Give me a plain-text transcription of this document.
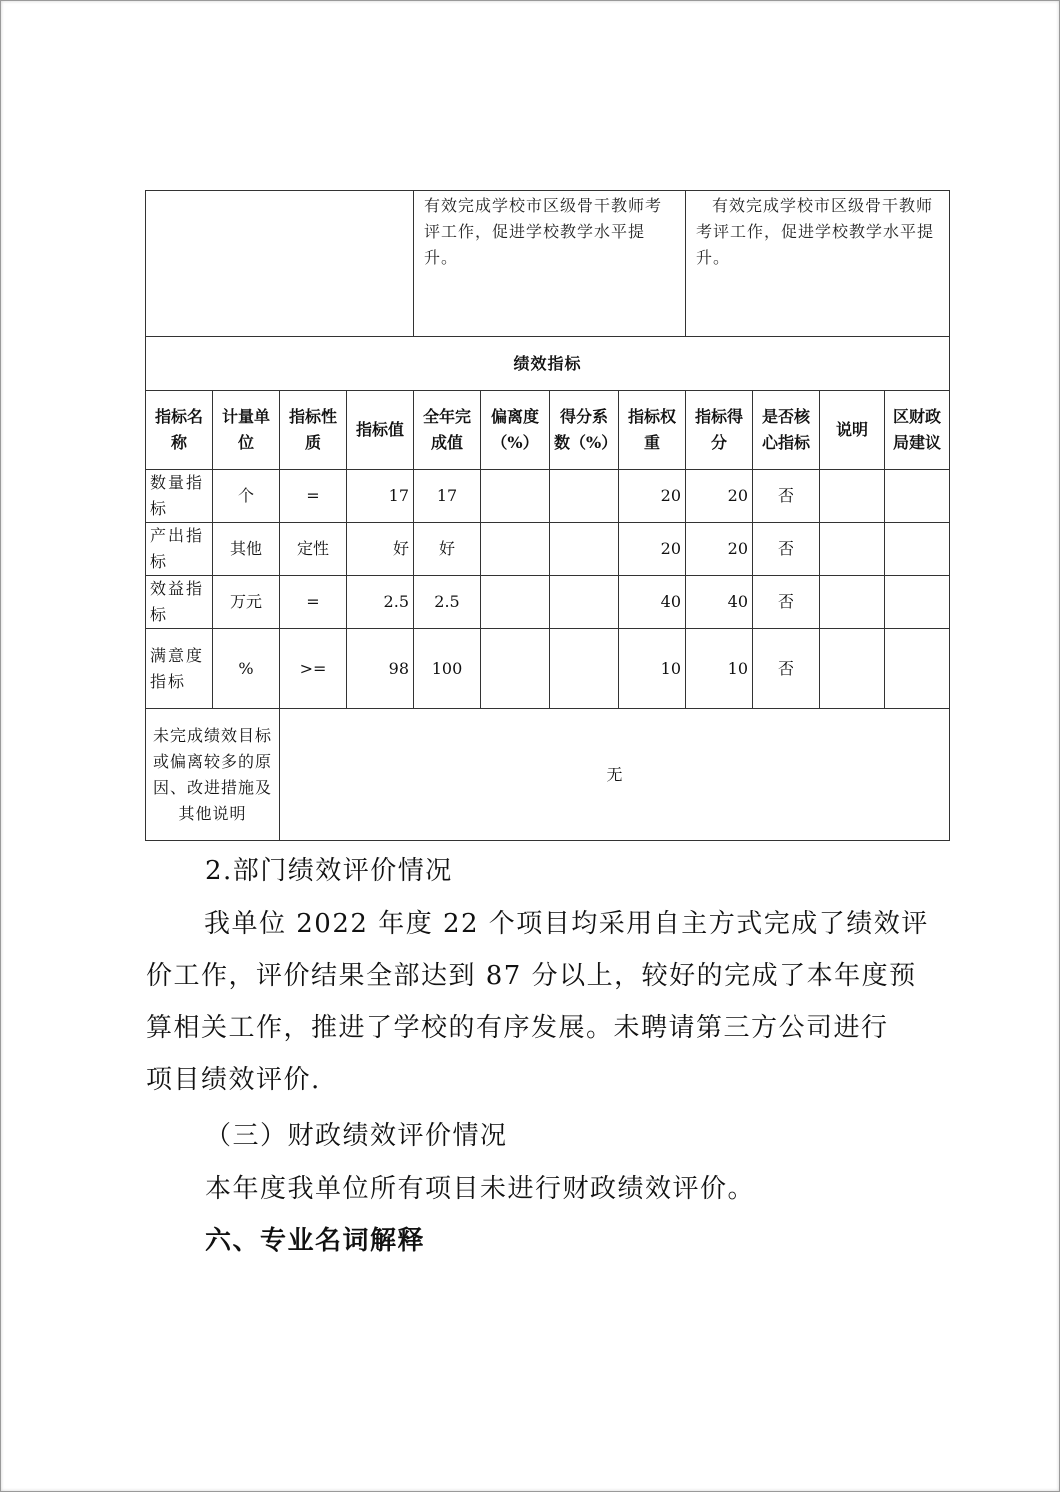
				有效完成学校市区级骨干教师考评工作，促进学校教学水平提升。				有效完成学校市区级骨干教师考评工作，促进学校教学水平提升。			
绩效指标											
指标名称	计量单位	指标性质	指标值	全年完成值	偏离度（%）	得分系数（%）	指标权重	指标得分	是否核心指标	说明	区财政局建议
数量指标	个	=	17	17			20	20	否		
产出指标	其他	定性	好	好			20	20	否		
效益指标	万元	=	2.5	2.5			40	40	否		
满意度指标	%	>=	98	100			10	10	否		
未完成绩效目标或偏离较多的原因、改进措施及其他说明		无									
2.部门绩效评价情况
我单位 2022 年度 22 个项目均采用自主方式完成了绩效评
价工作，评价结果全部达到 87 分以上，较好的完成了本年度预
算相关工作，推进了学校的有序发展。未聘请第三方公司进行
项目绩效评价.
（三）财政绩效评价情况
本年度我单位所有项目未进行财政绩效评价。
六、专业名词解释
